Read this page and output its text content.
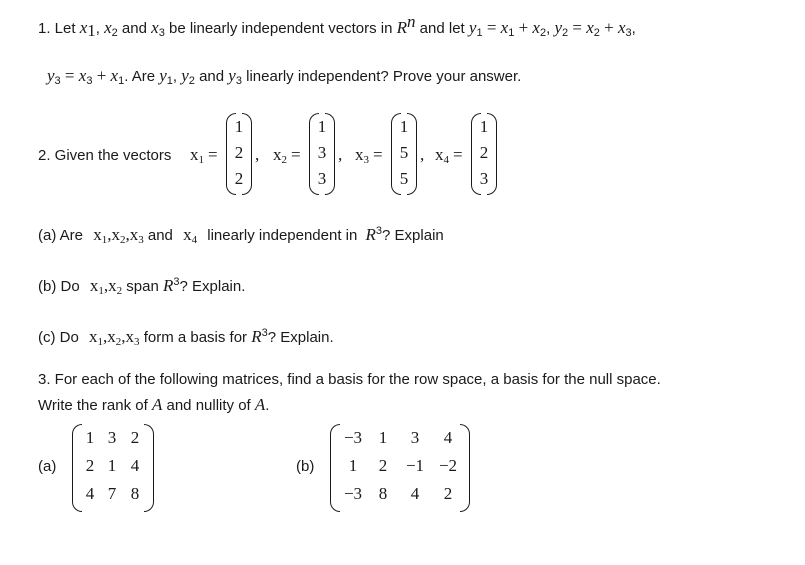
1. Let $x_1$, $x_2$ and $x_3$ be linearly independent vectors in $R^n$ and let $y_1 = x_1 + x_2$, $y_2 = x_2 + x_3$,
$y_3 = x_3 + x_1$. Are $y_1$, $y_2$ and $y_3$ linearly independent? Prove your answer.
2. Given the vectors $x_1$ =
1
2
2
, $x_2$ =
1
3
3
, $x_3$ =
1
5
5
, $x_4$ =
1
2
3
(a) Are $x_1,x_2,x_3$ and $x_4$ linearly independent in $R^3$? Explain
(b) Do $x_1,x_2$ span $R^3$? Explain.
(c) Do $x_1,x_2,x_3$ form a basis for $R^3$? Explain.
3. For each of the following matrices, find a basis for the row space, a basis for the null space.
Write the rank of A and nullity of A.
(a)
1 3 2
2 1 4
4 7 8
(b)
−3 1	3	4
1	2	−1 −2
−3 8	4	2
